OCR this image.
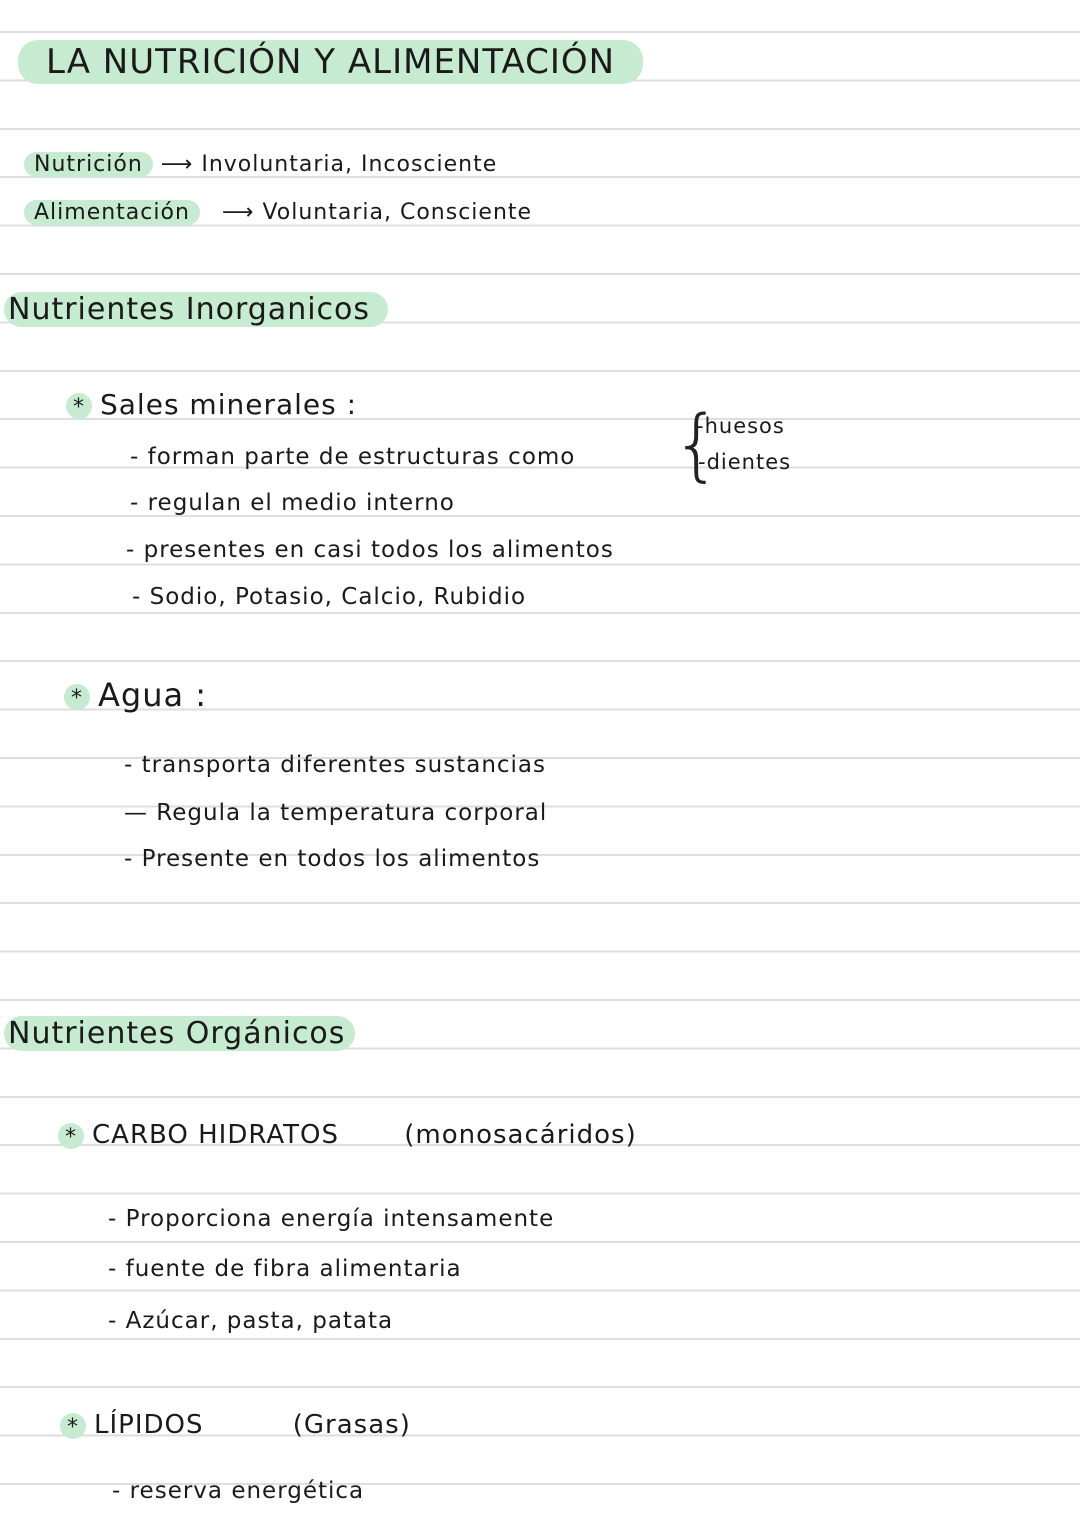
LA NUTRICIÓN Y ALIMENTACIÓN
Nutrición ⟶ Involuntaria, Incosciente
Alimentación ⟶ Voluntaria, Consciente
Nutrientes Inorganicos
* Sales minerales :
- forman parte de estructuras como
- regulan el medio interno
- presentes en casi todos los alimentos
- Sodio, Potasio, Calcio, Rubidio
{
-huesos
-dientes
* Agua :
- transporta diferentes sustancias
— Regula la temperatura corporal
- Presente en todos los alimentos
Nutrientes Orgánicos
* CARBO HIDRATOS	(monosacáridos)
- Proporciona energía intensamente
- fuente de fibra alimentaria
- Azúcar, pasta, patata
* LÍPIDOS	(Grasas)
- reserva energética
